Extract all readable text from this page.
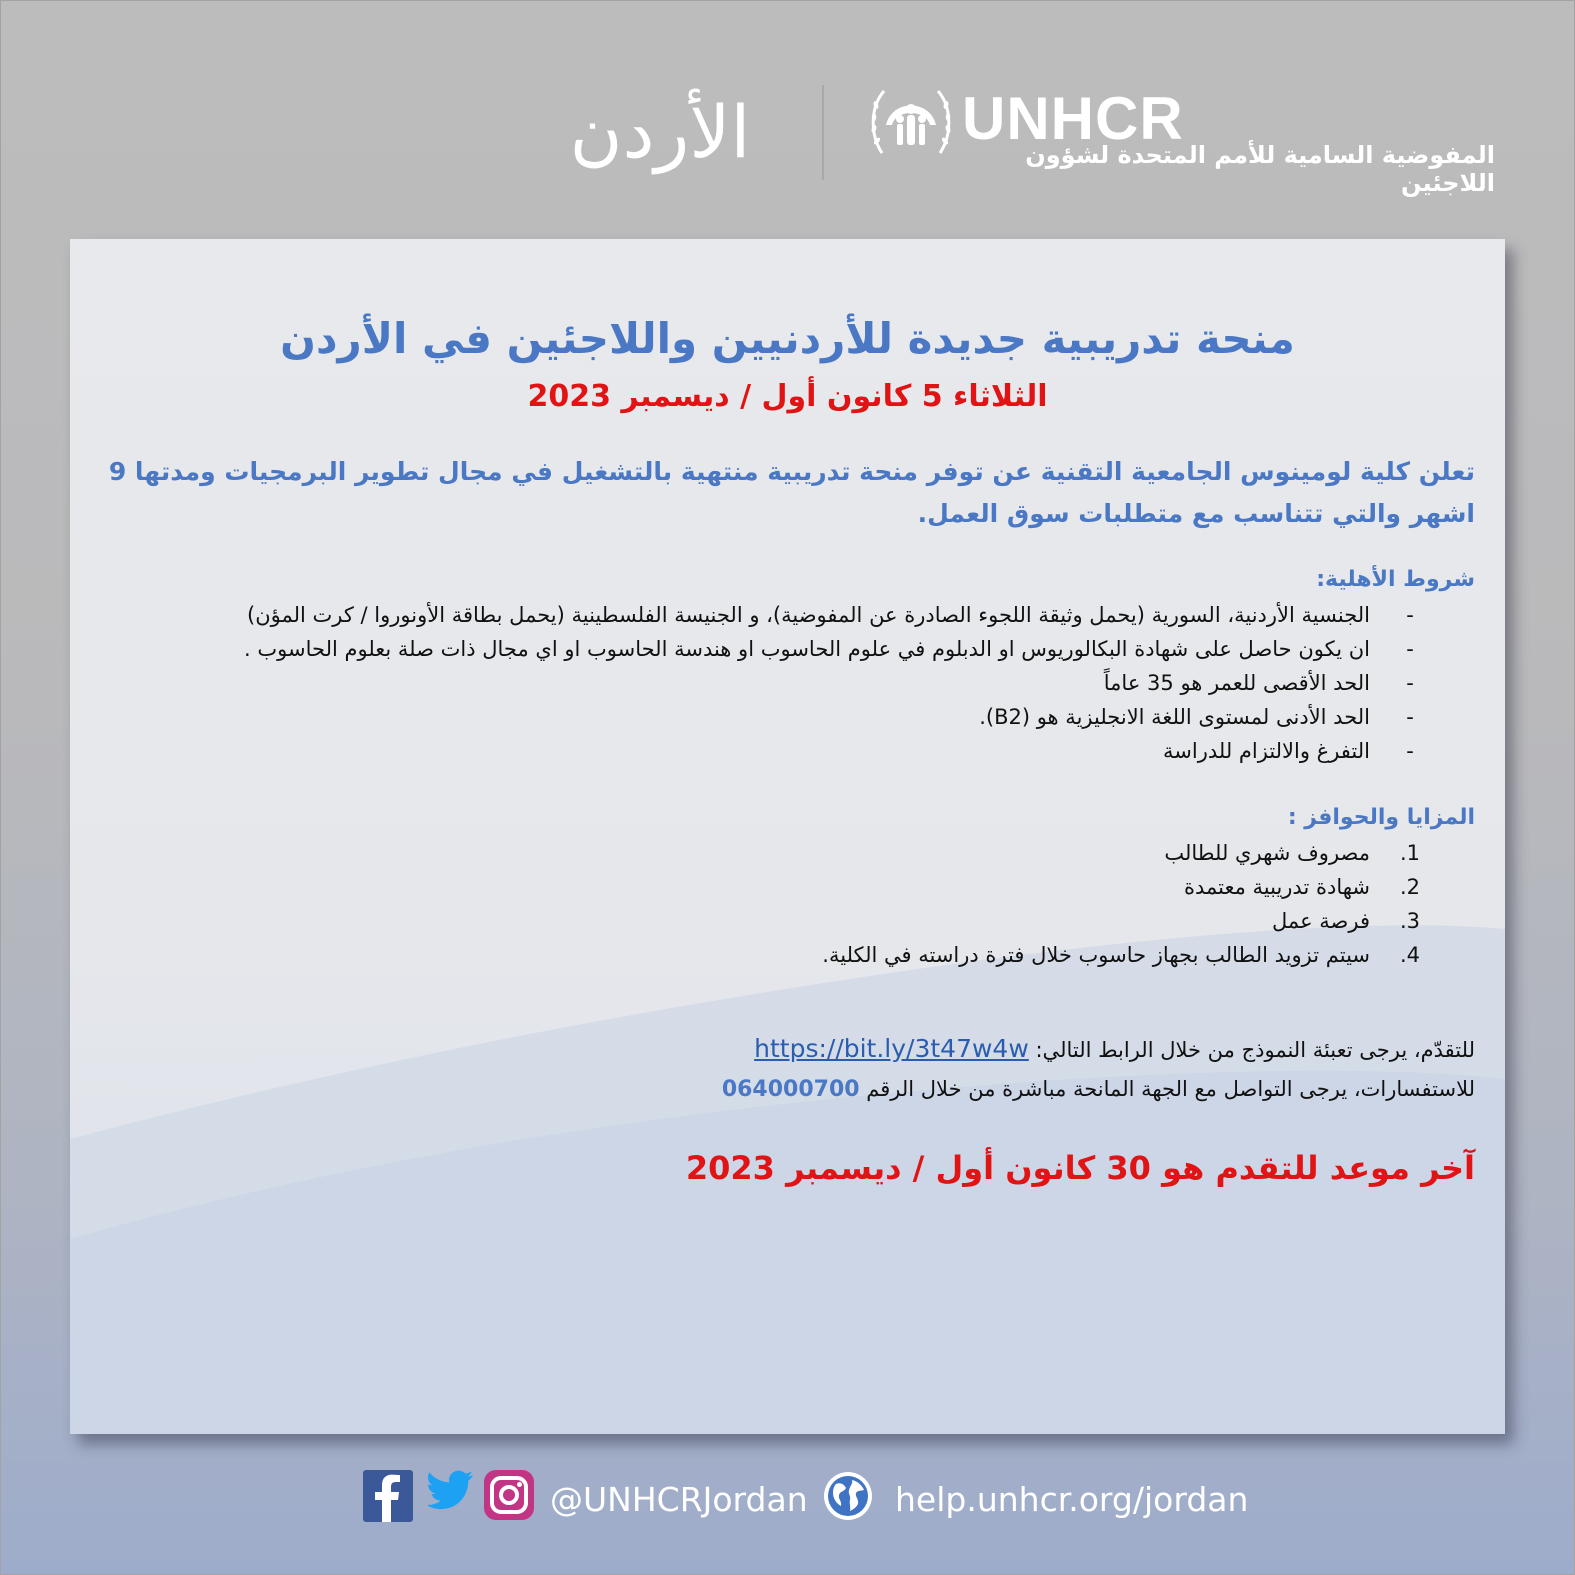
الأردن	UNHCR
المفوضية السامية للأمم المتحدة لشؤون اللاجئين
منحة تدريبية جديدة للأردنيين واللاجئين في الأردن
الثلاثاء 5 كانون أول / ديسمبر 2023
تعلن كلية لومينوس الجامعية التقنية عن توفر منحة تدريبية منتهية بالتشغيل في مجال تطوير البرمجيات ومدتها 9 اشهر والتي تتناسب مع متطلبات سوق العمل.
شروط الأهلية:
-
الجنسية الأردنية، السورية (يحمل وثيقة اللجوء الصادرة عن المفوضية)، و الجنيسة الفلسطينية (يحمل بطاقة الأونوروا / كرت المؤن)
-
ان يكون حاصل على شهادة البكالوريوس او الدبلوم في علوم الحاسوب او هندسة الحاسوب او اي مجال ذات صلة بعلوم الحاسوب .
-
الحد الأقصى للعمر هو 35 عاماً
-
الحد الأدنى لمستوى اللغة الانجليزية هو (B2).
-
التفرغ والالتزام للدراسة
المزايا والحوافز :
1.
مصروف شهري للطالب
2.
شهادة تدريبية معتمدة
3.
فرصة عمل
4.
سيتم تزويد الطالب بجهاز حاسوب خلال فترة دراسته في الكلية.
للتقدّم، يرجى تعبئة النموذج من خلال الرابط التالي: https://bit.ly/3t47w4w
للاستفسارات، يرجى التواصل مع الجهة المانحة مباشرة من خلال الرقم 064000700
آخر موعد للتقدم هو 30 كانون أول / ديسمبر 2023
@UNHCRJordan	help.unhcr.org/jordan
